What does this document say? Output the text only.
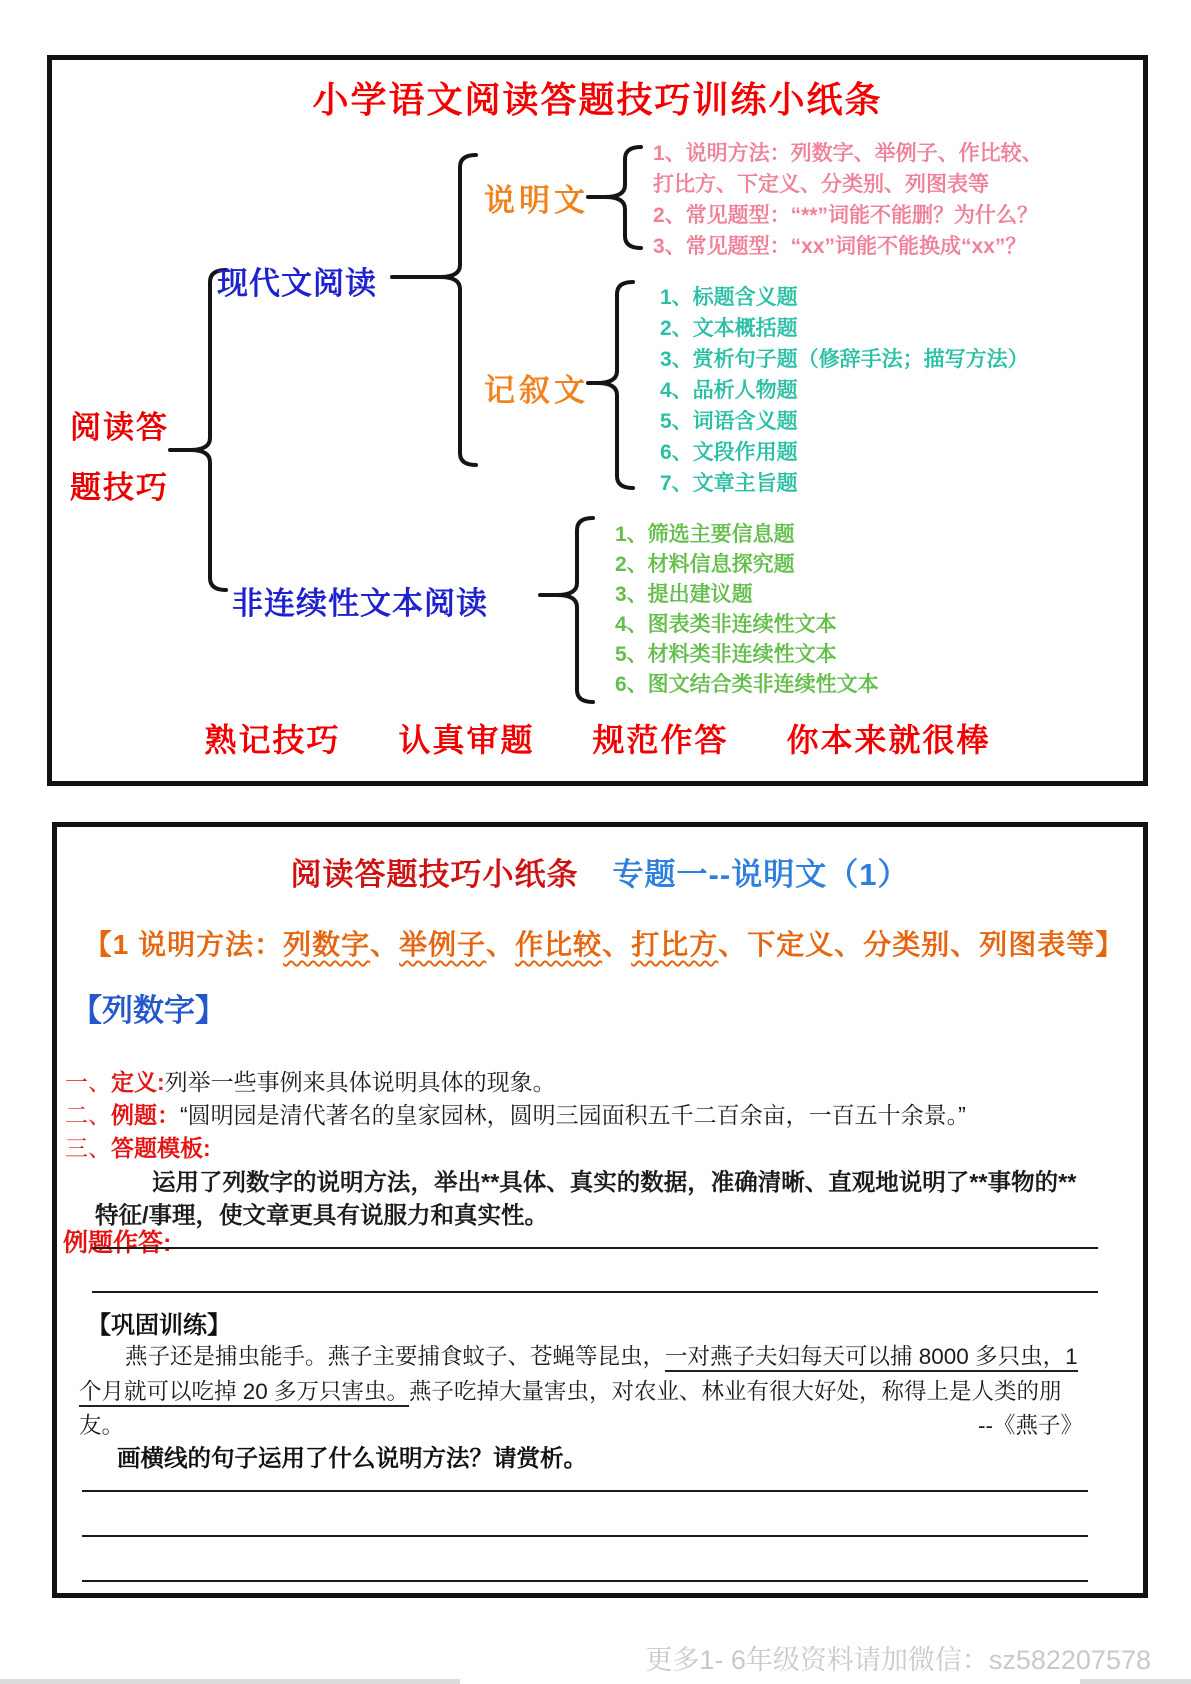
小学语文阅读答题技巧训练小纸条
阅读答
题技巧
现代文阅读
说明文
1、说明方法：列数字、举例子、作比较、
打比方、下定义、分类别、列图表等
2、常见题型：“**”词能不能删？为什么？
3、常见题型：“xx”词能不能换成“xx”？
记叙文
1、标题含义题
2、文本概括题
3、赏析句子题（修辞手法；描写方法）
4、品析人物题
5、词语含义题
6、文段作用题
7、文章主旨题
非连续性文本阅读
1、筛选主要信息题
2、材料信息探究题
3、提出建议题
4、图表类非连续性文本
5、材料类非连续性文本
6、图文结合类非连续性文本
熟记技巧 认真审题 规范作答 你本来就很棒
阅读答题技巧小纸条 专题一--说明文（1）
【1 说明方法：列数字、举例子、作比较、打比方、下定义、分类别、列图表等】
【列数字】
一、定义:列举一些事例来具体说明具体的现象。
二、例题：“圆明园是清代著名的皇家园林，圆明三园面积五千二百余亩，一百五十余景。”
三、答题模板:
运用了列数字的说明方法，举出**具体、真实的数据，准确清晰、直观地说明了**事物的**
特征/事理，使文章更具有说服力和真实性。
例题作答:
【巩固训练】
燕子还是捕虫能手。燕子主要捕食蚊子、苍蝇等昆虫，一对燕子夫妇每天可以捕 8000 多只虫，1
个月就可以吃掉 20 多万只害虫。燕子吃掉大量害虫，对农业、林业有很大好处，称得上是人类的朋
友。	--《燕子》
画横线的句子运用了什么说明方法？请赏析。
更多1- 6年级资料请加微信：sz582207578
